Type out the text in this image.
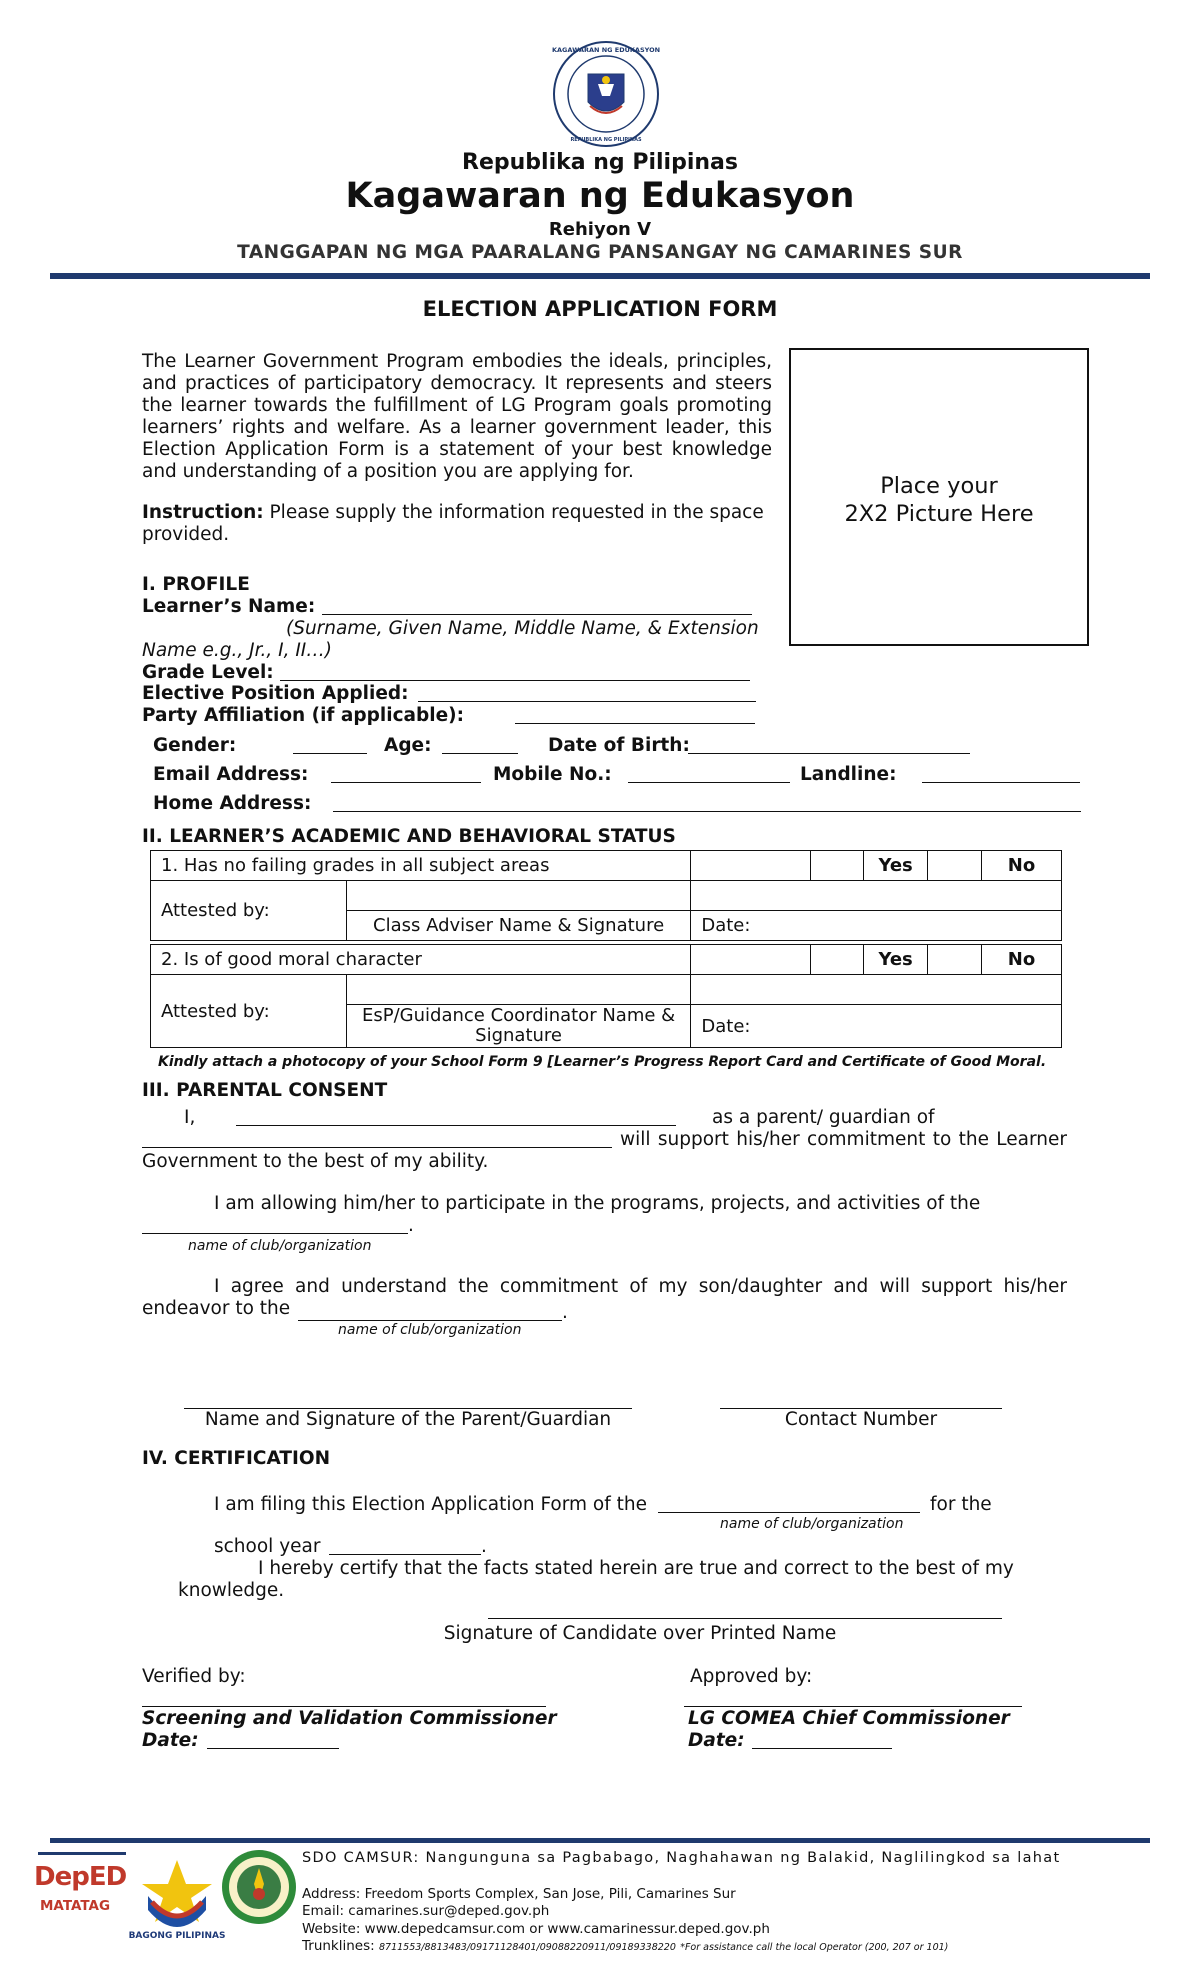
KAGAWARAN NG EDUKASYON
REPUBLIKA NG PILIPINAS
Republika ng Pilipinas
Kagawaran ng Edukasyon
Rehiyon V
TANGGAPAN NG MGA PAARALANG PANSANGAY NG CAMARINES SUR
ELECTION APPLICATION FORM
The Learner Government Program embodies the ideals, principles, and practices of participatory democracy. It represents and steers the learner towards the fulfillment of LG Program goals promoting learners’ rights and welfare. As a learner government leader, this Election Application Form is a statement of your best knowledge and understanding of a position you are applying for.
Instruction: Please supply the information requested in the space provided.
Place your
2X2 Picture Here
I. PROFILE
Learner’s Name:
(Surname, Given Name, Middle Name, & Extension Name e.g., Jr., I, II…)
Grade Level:
Elective Position Applied:
Party Affiliation (if applicable):
Gender:	Age:	Date of Birth:
Email Address:	Mobile No.:	Landline:
Home Address:
II. LEARNER’S ACADEMIC AND BEHAVIORAL STATUS
1. Has no failing grades in all subject areas				Yes		No
Attested by:						
	Class Adviser Name & Signature	Date:				
2. Is of good moral character				Yes		No
Attested by:						
	EsP/Guidance Coordinator Name & Signature	Date:				
Kindly attach a photocopy of your School Form 9 [Learner’s Progress Report Card and Certificate of Good Moral.
III. PARENTAL CONSENT
I,	as a parent/ guardian of
will support his/her commitment to the Learner Government to the best of my ability.
I am allowing him/her to participate in the programs, projects, and activities of the
.
name of club/organization
I agree and understand the commitment of my son/daughter and will support his/her endeavor to the	.
name of club/organization
Name and Signature of the Parent/Guardian	Contact Number
IV. CERTIFICATION
I am filing this Election Application Form of the	for the
name of club/organization
school year	.
I hereby certify that the facts stated herein are true and correct to the best of my knowledge.
Signature of Candidate over Printed Name
Verified by:	Approved by:
Screening and Validation Commissioner	LG COMEA Chief Commissioner
Date:	Date:
DepED
MATATAG
BAGONG PILIPINAS
SDO CAMSUR: Nangunguna sa Pagbabago, Naghahawan ng Balakid, Naglilingkod sa lahat
Address: Freedom Sports Complex, San Jose, Pili, Camarines Sur
Email: camarines.sur@deped.gov.ph
Website: www.depedcamsur.com or www.camarinessur.deped.gov.ph
Trunklines: 8711553/8813483/09171128401/09088220911/09189338220 *For assistance call the local Operator (200, 207 or 101)
